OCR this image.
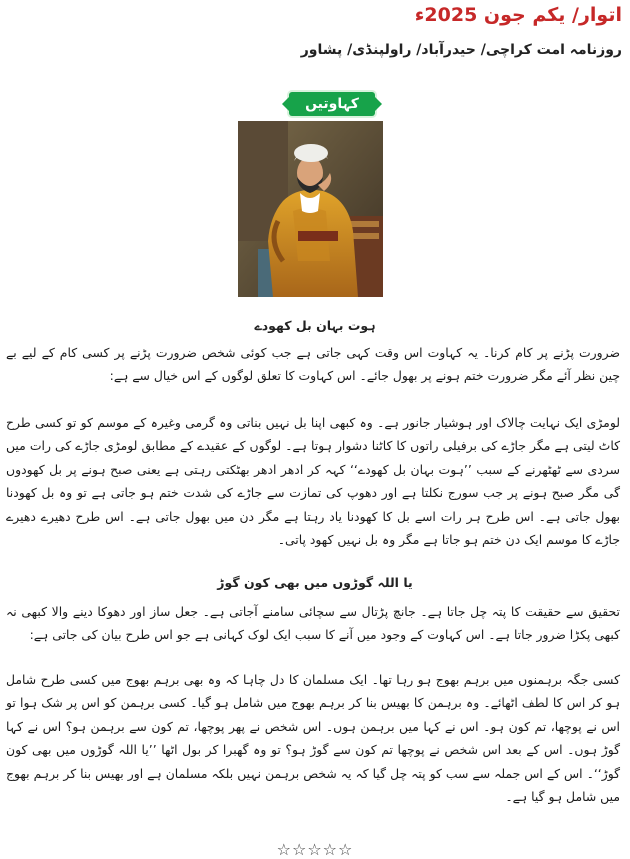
اتوار/ یکم جون 2025ء
روزنامہ امت کراچی/ حیدرآباد/ راولپنڈی/ پشاور
کہاوتیں
ہوت بہان بل کھودے
ضرورت پڑنے پر کام کرنا۔ یہ کہاوت اس وقت کہی جاتی ہے جب کوئی شخص ضرورت پڑنے پر کسی کام کے لیے بے چین نظر آئے مگر ضرورت ختم ہونے پر بھول جائے۔ اس کہاوت کا تعلق لوگوں کے اس خیال سے ہے:
لومڑی ایک نہایت چالاک اور ہوشیار جانور ہے۔ وہ کبھی اپنا بل نہیں بناتی وہ گرمی وغیرہ کے موسم کو تو کسی طرح کاٹ لیتی ہے مگر جاڑے کی برفیلی راتوں کا کاٹنا دشوار ہوتا ہے۔ لوگوں کے عقیدے کے مطابق لومڑی جاڑے کی رات میں سردی سے ٹھٹھرنے کے سبب ’’ہوت بہان بل کھودے‘‘ کہہ کر ادھر ادھر بھٹکتی رہتی ہے یعنی صبح ہونے پر بل کھودوں گی مگر صبح ہونے پر جب سورج نکلتا ہے اور دھوپ کی تمازت سے جاڑے کی شدت ختم ہو جاتی ہے تو وہ بل کھودنا بھول جاتی ہے۔ اس طرح ہر رات اسے بل کا کھودنا یاد رہتا ہے مگر دن میں بھول جاتی ہے۔ اس طرح دھیرے دھیرے جاڑے کا موسم ایک دن ختم ہو جاتا ہے مگر وہ بل نہیں کھود پاتی۔
یا اللہ گوڑوں میں بھی کون گوڑ
تحقیق سے حقیقت کا پتہ چل جاتا ہے۔ جانچ پڑتال سے سچائی سامنے آجاتی ہے۔ جعل ساز اور دھوکا دینے والا کبھی نہ کبھی پکڑا ضرور جاتا ہے۔ اس کہاوت کے وجود میں آنے کا سبب ایک لوک کہانی ہے جو اس طرح بیان کی جاتی ہے:
کسی جگہ برہمنوں میں برہم بھوج ہو رہا تھا۔ ایک مسلمان کا دل چاہا کہ وہ بھی برہم بھوج میں کسی طرح شامل ہو کر اس کا لطف اٹھائے۔ وہ برہمن کا بھیس بنا کر برہم بھوج میں شامل ہو گیا۔ کسی برہمن کو اس پر شک ہوا تو اس نے پوچھا، تم کون ہو۔ اس نے کہا میں برہمن ہوں۔ اس شخص نے پھر پوچھا، تم کون سے برہمن ہو؟ اس نے کہا گوڑ ہوں۔ اس کے بعد اس شخص نے پوچھا تم کون سے گوڑ ہو؟ تو وہ گھبرا کر بول اٹھا ’’یا اللہ گوڑوں میں بھی کون گوڑ‘‘۔ اس کے اس جملہ سے سب کو پتہ چل گیا کہ یہ شخص برہمن نہیں بلکہ مسلمان ہے اور بھیس بنا کر برہم بھوج میں شامل ہو گیا ہے۔
☆☆☆☆☆
